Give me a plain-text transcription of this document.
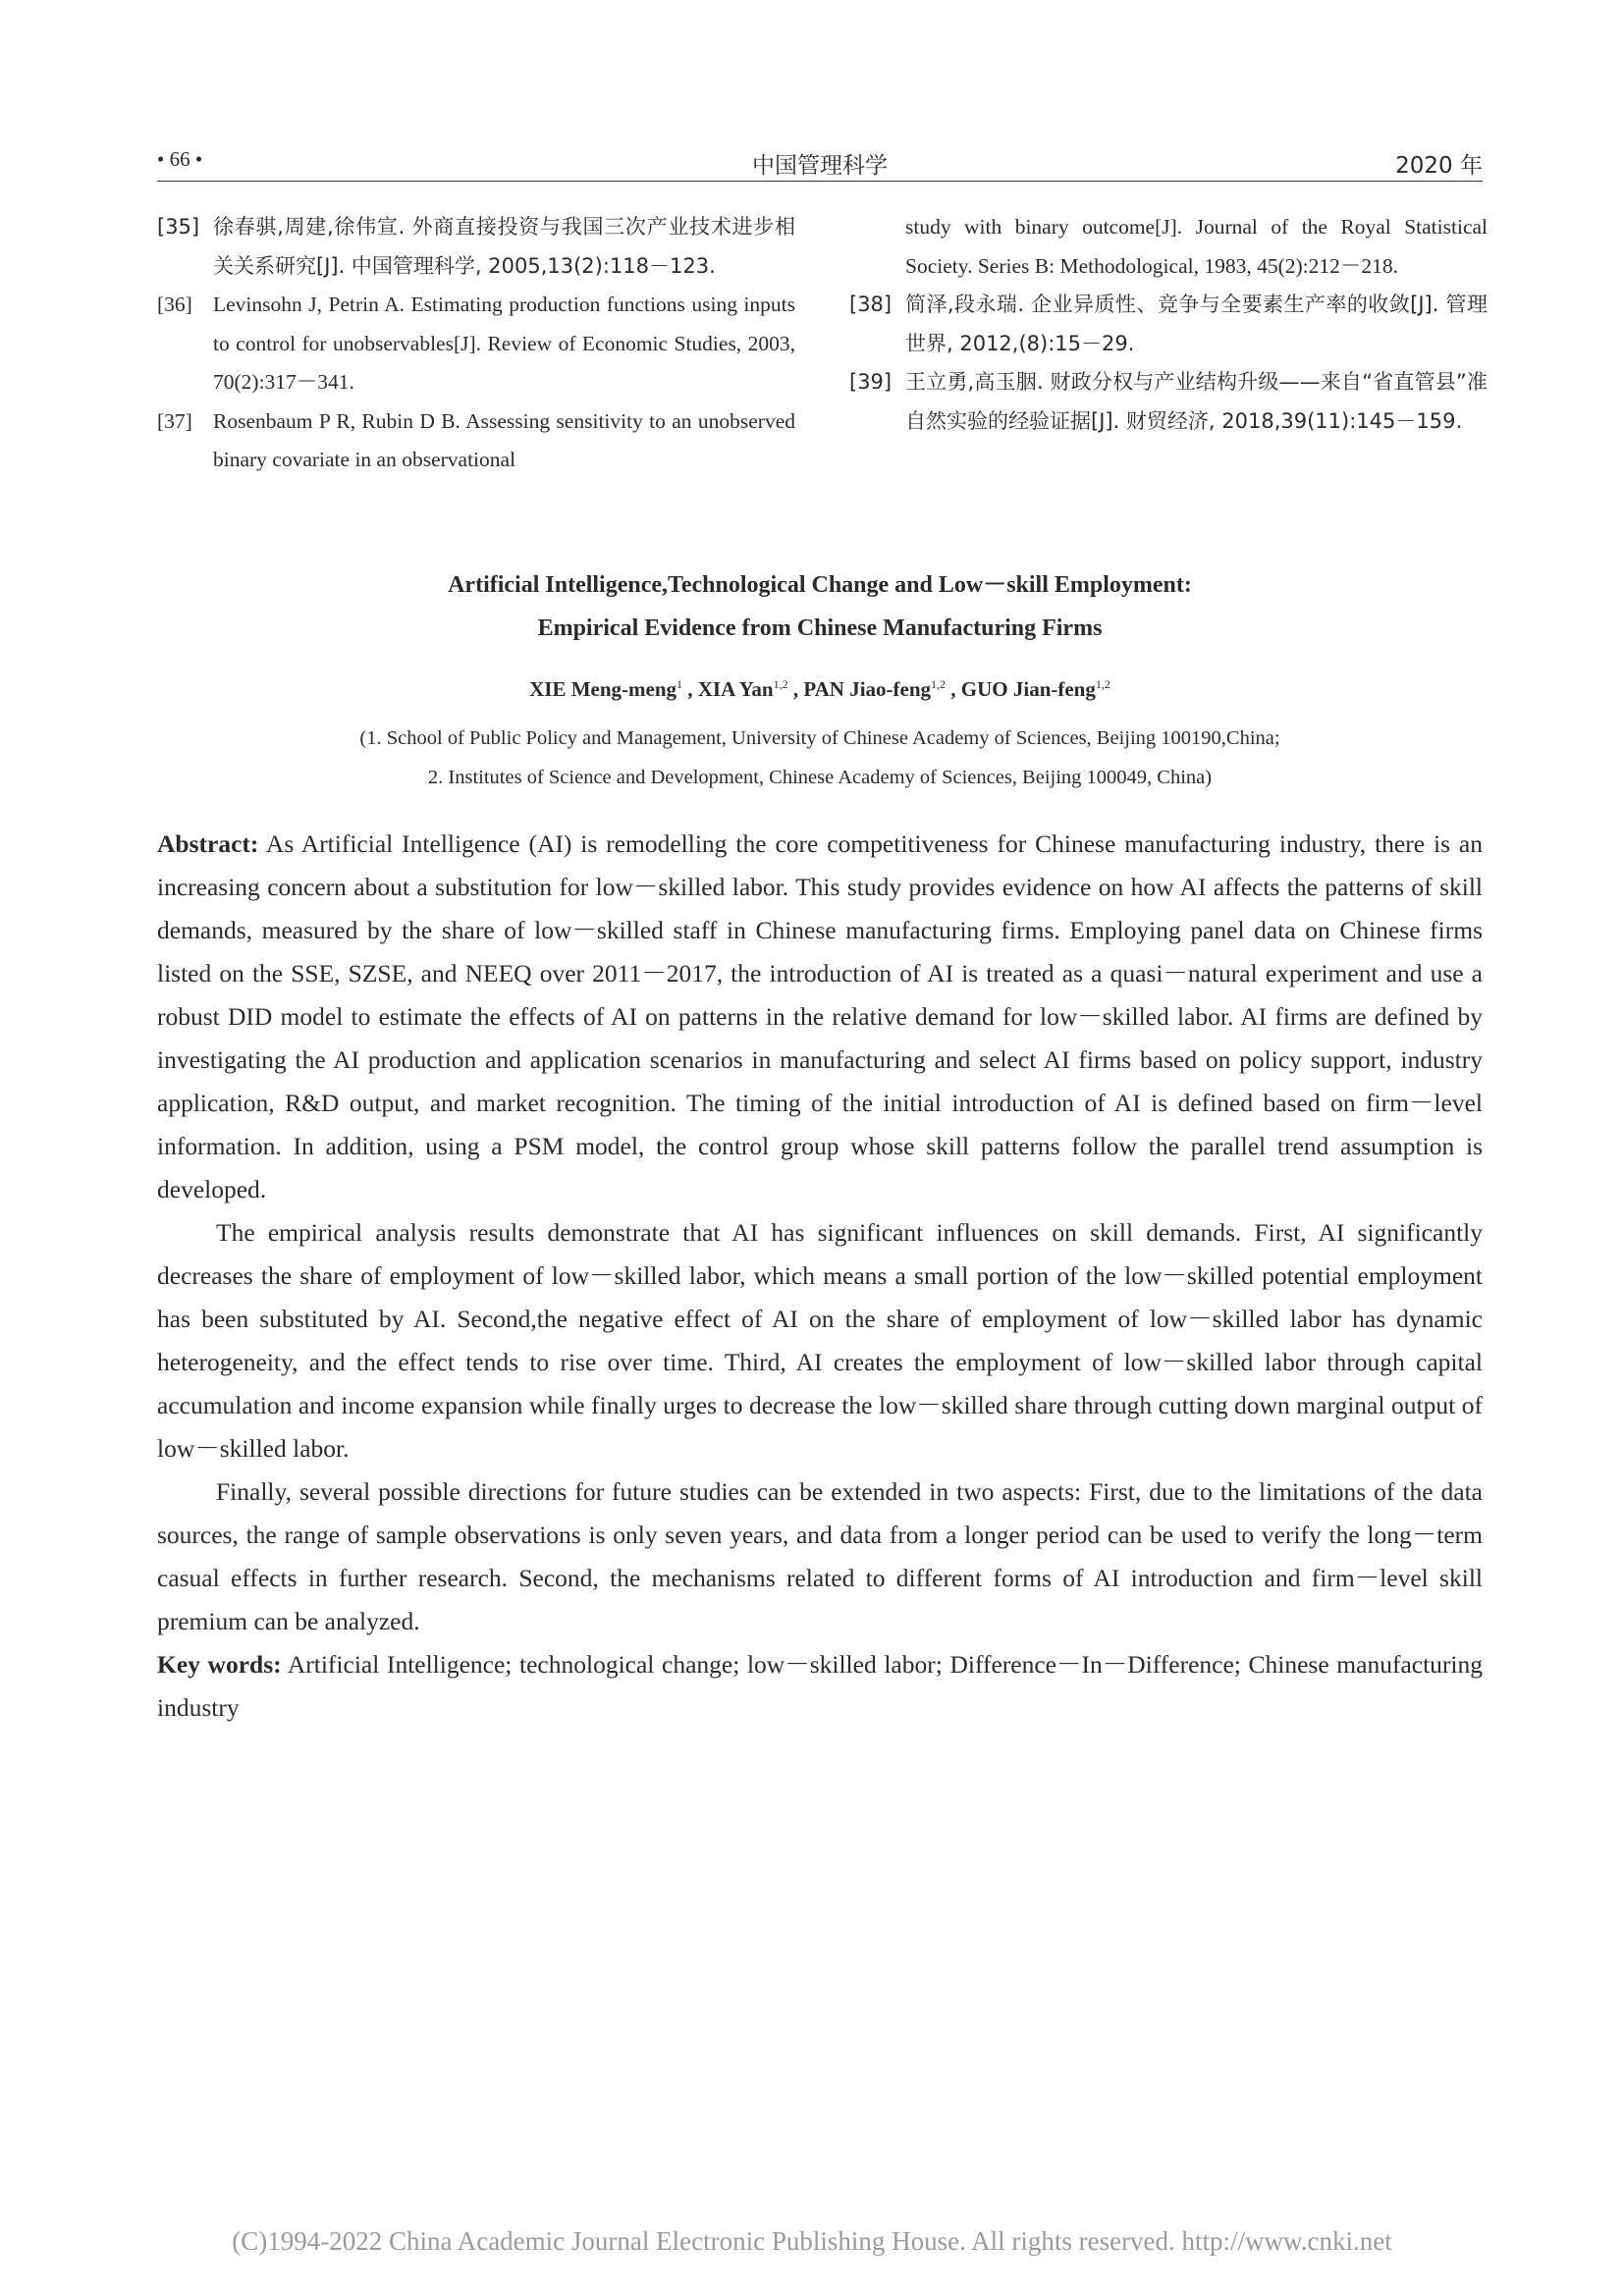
• 66 •	中国管理科学	2020 年
[35] 徐春骐,周建,徐伟宣. 外商直接投资与我国三次产业技术进步相关关系研究[J]. 中国管理科学, 2005,13(2):118－123.
[36] Levinsohn J, Petrin A. Estimating production functions using inputs to control for unobservables[J]. Review of Economic Studies, 2003, 70(2):317－341.
[37] Rosenbaum P R, Rubin D B. Assessing sensitivity to an unobserved binary covariate in an observational
study with binary outcome[J]. Journal of the Royal Statistical Society. Series B: Methodological, 1983, 45(2):212－218.
[38] 简泽,段永瑞. 企业异质性、竞争与全要素生产率的收敛[J]. 管理世界, 2012,(8):15－29.
[39] 王立勇,高玉胭. 财政分权与产业结构升级——来自“省直管县”准自然实验的经验证据[J]. 财贸经济, 2018,39(11):145－159.
Artificial Intelligence,Technological Change and Low－skill Employment:
Empirical Evidence from Chinese Manufacturing Firms
XIE Meng-meng$^1$ , XIA Yan$^{1,2}$ , PAN Jiao-feng$^{1,2}$ , GUO Jian-feng$^{1,2}$
(1. School of Public Policy and Management, University of Chinese Academy of Sciences, Beijing 100190,China;
2. Institutes of Science and Development, Chinese Academy of Sciences, Beijing 100049, China)

Abstract: As Artificial Intelligence (AI) is remodelling the core competitiveness for Chinese manufacturing industry, there is an increasing concern about a substitution for low－skilled labor. This study provides evidence on how AI affects the patterns of skill demands, measured by the share of low－skilled staff in Chinese manufacturing firms. Employing panel data on Chinese firms listed on the SSE, SZSE, and NEEQ over 2011－2017, the introduction of AI is treated as a quasi－natural experiment and use a robust DID model to estimate the effects of AI on patterns in the relative demand for low－skilled labor. AI firms are defined by investigating the AI production and application scenarios in manufacturing and select AI firms based on policy support, industry application, R&D output, and market recognition. The timing of the initial introduction of AI is defined based on firm－level information. In addition, using a PSM model, the control group whose skill patterns follow the parallel trend assumption is developed.

The empirical analysis results demonstrate that AI has significant influences on skill demands. First, AI significantly decreases the share of employment of low－skilled labor, which means a small portion of the low－skilled potential employment has been substituted by AI. Second,the negative effect of AI on the share of employment of low－skilled labor has dynamic heterogeneity, and the effect tends to rise over time. Third, AI creates the employment of low－skilled labor through capital accumulation and income expansion while finally urges to decrease the low－skilled share through cutting down marginal output of low－skilled labor.

Finally, several possible directions for future studies can be extended in two aspects: First, due to the limitations of the data sources, the range of sample observations is only seven years, and data from a longer period can be used to verify the long－term casual effects in further research. Second, the mechanisms related to different forms of AI introduction and firm－level skill premium can be analyzed.

Key words: Artificial Intelligence; technological change; low－skilled labor; Difference－In－Difference; Chinese manufacturing industry

(C)1994-2022 China Academic Journal Electronic Publishing House. All rights reserved. http://www.cnki.net
